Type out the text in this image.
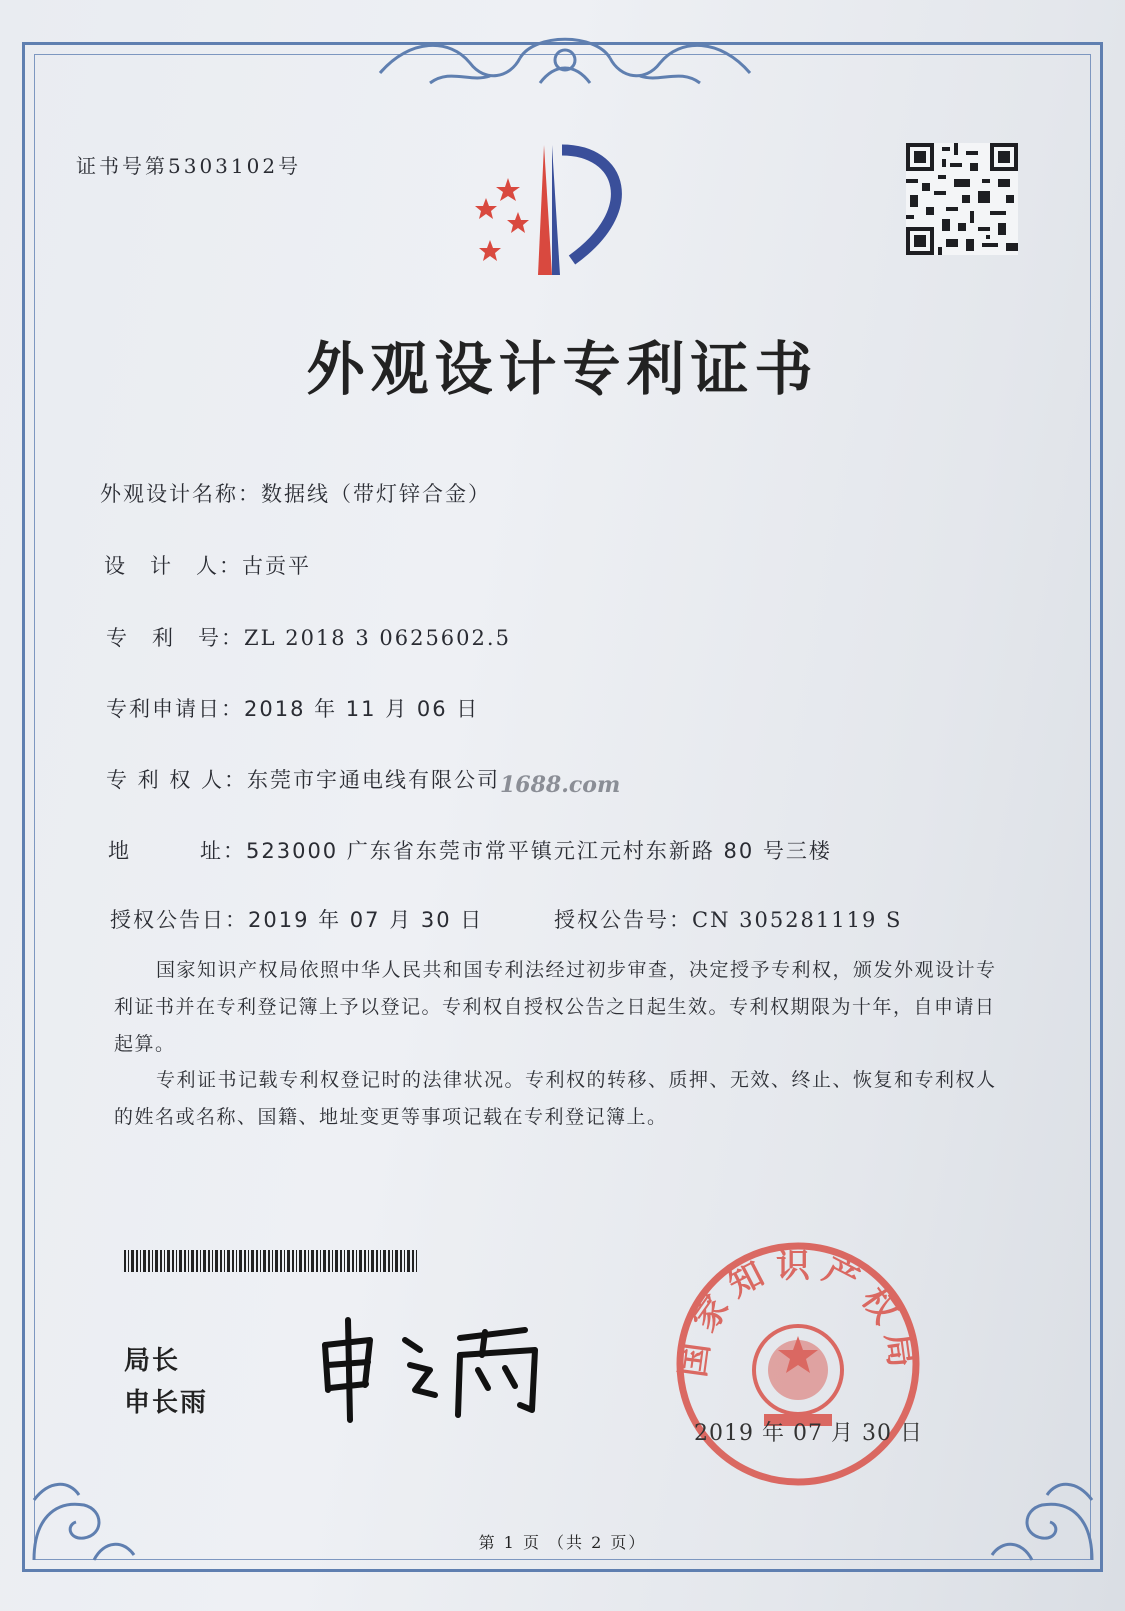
证书号第5303102号
外观设计专利证书
外观设计名称：数据线（带灯锌合金）
设　计　人：古贡平
专　利　号：ZL 2018 3 0625602.5
专利申请日：2018 年 11 月 06 日
专 利 权 人：东莞市宇通电线有限公司 1688.com
地　　　址：523000 广东省东莞市常平镇元江元村东新路 80 号三楼
授权公告日：2019 年 07 月 30 日	授权公告号：CN 305281119 S
国家知识产权局依照中华人民共和国专利法经过初步审查，决定授予专利权，颁发外观设计专利证书并在专利登记簿上予以登记。专利权自授权公告之日起生效。专利权期限为十年，自申请日起算。
专利证书记载专利权登记时的法律状况。专利权的转移、质押、无效、终止、恢复和专利权人的姓名或名称、国籍、地址变更等事项记载在专利登记簿上。
局长
申长雨
国家知识产权局
2019 年 07 月 30 日
第 1 页 （共 2 页）
